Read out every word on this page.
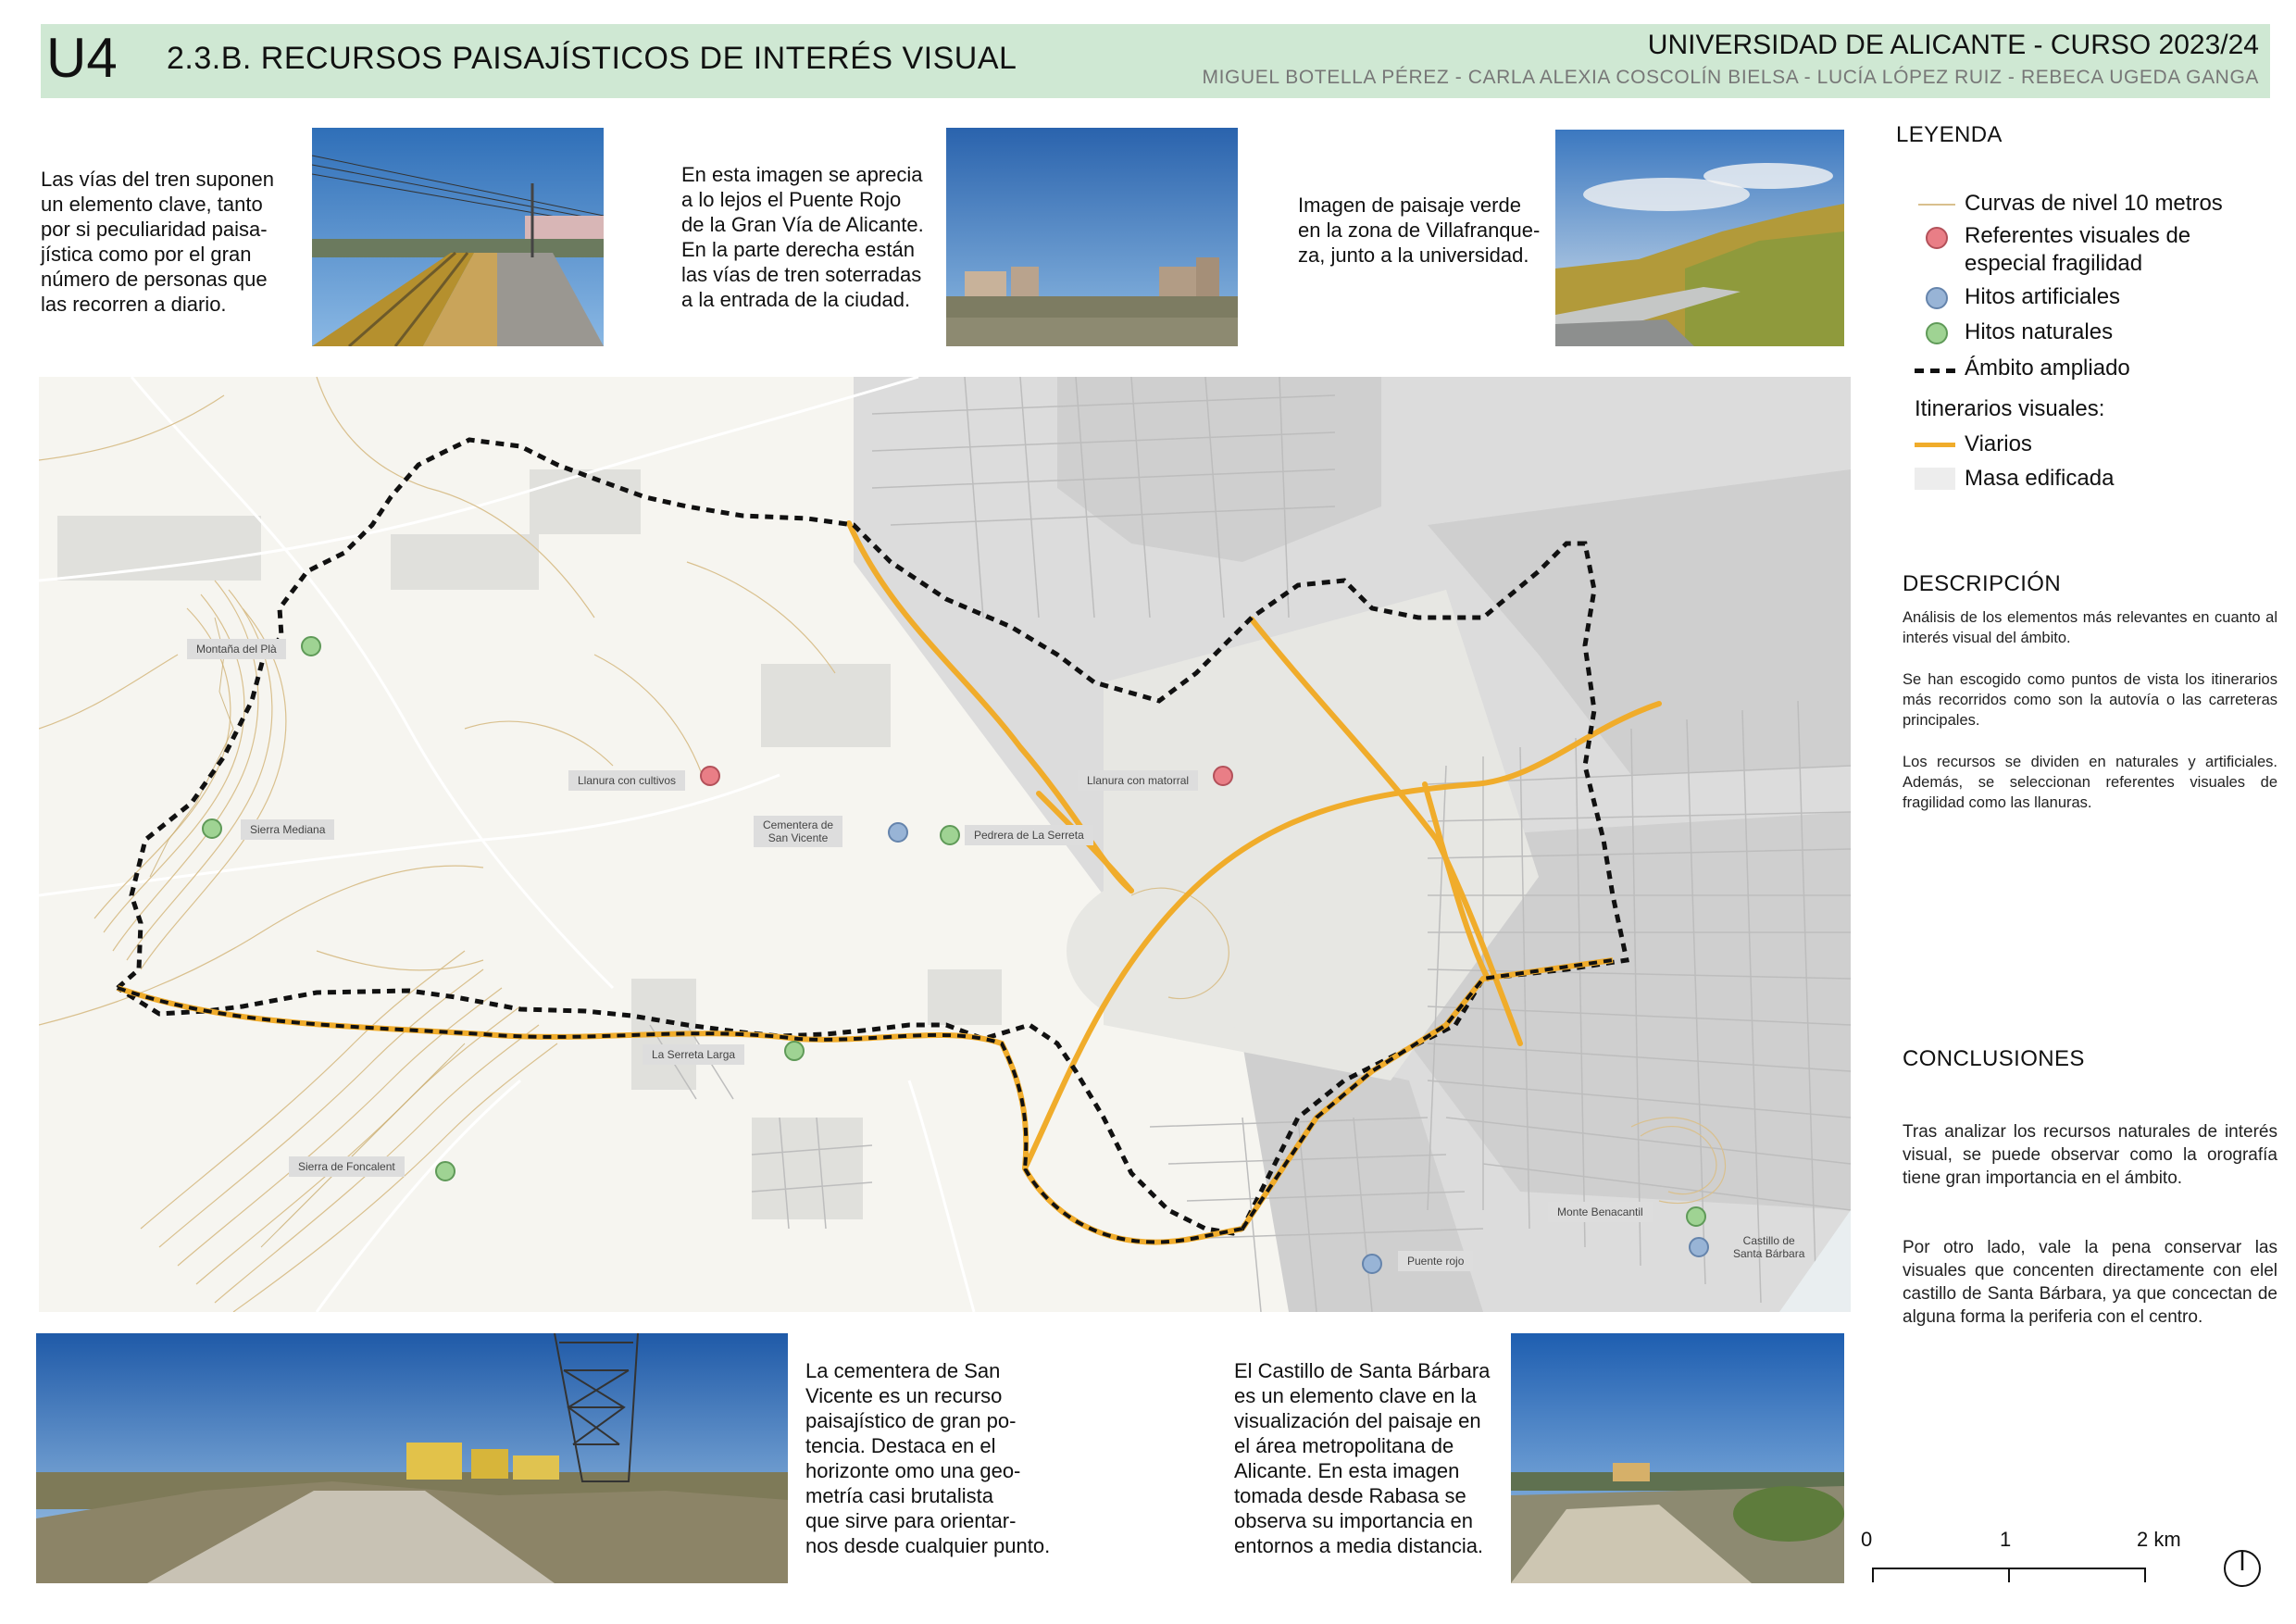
U4 2.3.B. RECURSOS PAISAJÍSTICOS DE INTERÉS VISUAL	UNIVERSIDAD DE ALICANTE - CURSO 2023/24
MIGUEL BOTELLA PÉREZ - CARLA ALEXIA COSCOLÍN BIELSA - LUCÍA LÓPEZ RUIZ - REBECA UGEDA GANGA
Las vías del tren suponen
un elemento clave, tanto
por si peculiaridad paisa-
jística como por el gran
número de personas que
las recorren a diario.
En esta imagen se aprecia
a lo lejos el Puente Rojo
de la Gran Vía de Alicante.
En la parte derecha están
las vías de tren soterradas
a la entrada de la ciudad.
Imagen de paisaje verde
en la zona de Villafranque-
za, junto a la universidad.
Montaña del Plà
Sierra Mediana
Llanura con cultivos
Cementera de
San Vicente	Pedrera de La Serreta
Llanura con matorral
La Serreta Larga
Sierra de Foncalent
Monte Benacantil
Castillo de
Santa Bárbara
Puente rojo
LEYENDA
Curvas de nivel 10 metros
Referentes visuales de
especial fragilidad
Hitos artificiales
Hitos naturales
Ámbito ampliado
Itinerarios visuales:
Viarios
Masa edificada
DESCRIPCIÓN
Análisis de los elementos más relevantes en cuanto al interés visual del ámbito.
Se han escogido como puntos de vista los itinerarios más recorridos como son la autovía o las carreteras principales.
Los recursos se dividen en naturales y artificiales. Además, se seleccionan referentes visuales de fragilidad como las llanuras.
CONCLUSIONES
Tras analizar los recursos naturales de interés visual, se puede observar como la orografía tiene gran importancia en el ámbito.
Por otro lado, vale la pena conservar las visuales que concenten directamente con elel castillo de Santa Bárbara, ya que concectan de alguna forma la periferia con el centro.
La cementera de San
Vicente es un recurso
paisajístico de gran po-
tencia. Destaca en el
horizonte omo una geo-
metría casi brutalista
que sirve para orientar-
nos desde cualquier punto.
El Castillo de Santa Bárbara
es un elemento clave en la
visualización del paisaje en
el área metropolitana de
Alicante. En esta imagen
tomada desde Rabasa se
observa su importancia en
entornos a media distancia.	0	1	2 km
